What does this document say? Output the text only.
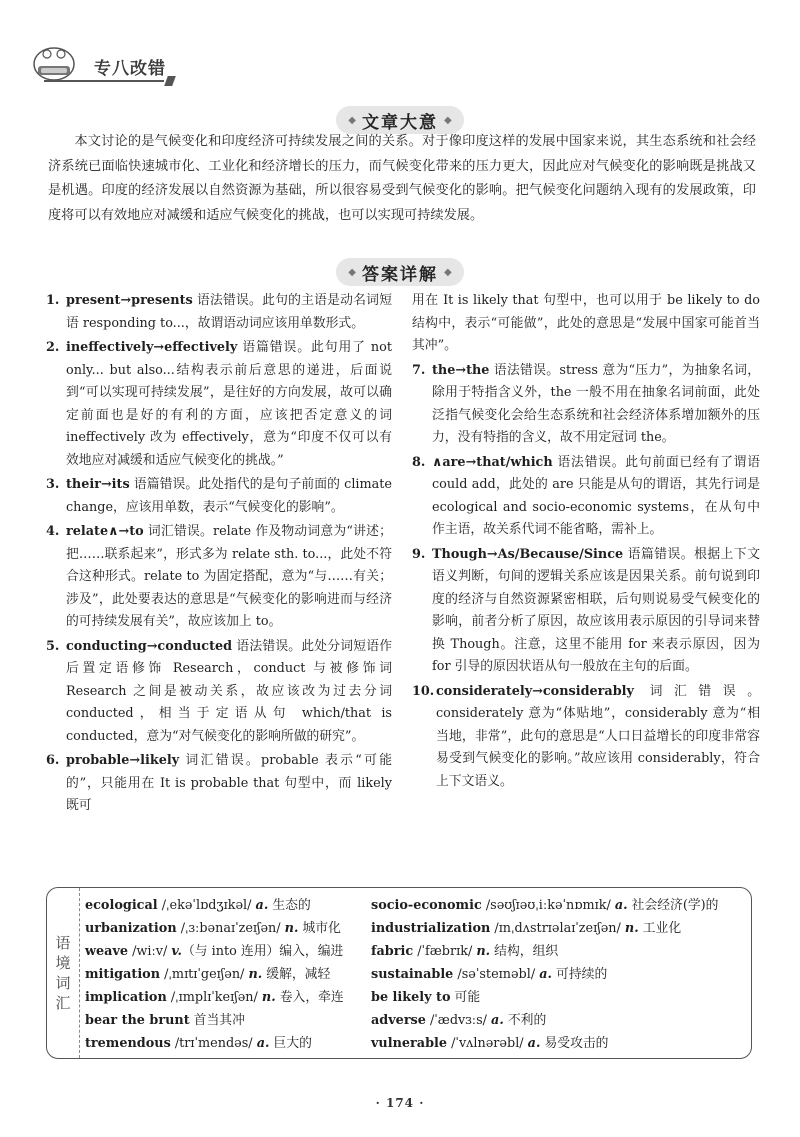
专八改错
◆ 文章大意 ◆

本文讨论的是气候变化和印度经济可持续发展之间的关系。对于像印度这样的发展中国家来说，其生态系统和社会经济系统已面临快速城市化、工业化和经济增长的压力，而气候变化带来的压力更大，因此应对气候变化的影响既是挑战又是机遇。印度的经济发展以自然资源为基础，所以很容易受到气候变化的影响。把气候变化问题纳入现有的发展政策，印度将可以有效地应对减缓和适应气候变化的挑战，也可以实现可持续发展。

◆ 答案详解 ◆
1. present→presents 语法错误。此句的主语是动名词短语 responding to...，故谓语动词应该用单数形式。
2. ineffectively→effectively 语篇错误。此句用了 not only... but also...结构表示前后意思的递进，后面说到“可以实现可持续发展”，是往好的方向发展，故可以确定前面也是好的有利的方面，应该把否定意义的词 ineffectively 改为 effectively，意为“印度不仅可以有效地应对减缓和适应气候变化的挑战。”
3. their→its 语篇错误。此处指代的是句子前面的 climate change，应该用单数，表示“气候变化的影响”。
4. relate∧→to 词汇错误。relate 作及物动词意为“讲述；把……联系起来”，形式多为 relate sth. to...，此处不符合这种形式。relate to 为固定搭配，意为“与……有关；涉及”，此处要表达的意思是“气候变化的影响进而与经济的可持续发展有关”，故应该加上 to。
5. conducting→conducted 语法错误。此处分词短语作后置定语修饰 Research，conduct 与被修饰词 Research 之间是被动关系，故应该改为过去分词 conducted，相当于定语从句 which/that is conducted，意为“对气候变化的影响所做的研究”。
6. probable→likely 词汇错误。probable 表示“可能的”，只能用在 It is probable that 句型中，而 likely 既可

用在 It is likely that 句型中，也可以用于 be likely to do 结构中，表示“可能做”，此处的意思是“发展中国家可能首当其冲”。

7. the→the 语法错误。stress 意为“压力”，为抽象名词，除用于特指含义外，the 一般不用在抽象名词前面，此处泛指气候变化会给生态系统和社会经济体系增加额外的压力，没有特指的含义，故不用定冠词 the。
8. ∧are→that/which 语法错误。此句前面已经有了谓语 could add，此处的 are 只能是从句的谓语，其先行词是 ecological and socio-economic systems，在从句中作主语，故关系代词不能省略，需补上。
9. Though→As/Because/Since 语篇错误。根据上下文语义判断，句间的逻辑关系应该是因果关系。前句说到印度的经济与自然资源紧密相联，后句则说易受气候变化的影响，前者分析了原因，故应该用表示原因的引导词来替换 Though。注意，这里不能用 for 来表示原因，因为 for 引导的原因状语从句一般放在主句的后面。
10. considerately→considerably 词汇错误。considerately 意为“体贴地”，considerably 意为“相当地，非常”，此句的意思是“人口日益增长的印度非常容易受到气候变化的影响。”故应该用 considerably，符合上下文语义。
语
境
词
汇
ecological /ˌekəˈlɒdʒɪkəl/ a. 生态的
urbanization /ˌɜːbənaɪˈzeɪʃən/ n. 城市化
weave /wiːv/ v.（与 into 连用）编入，编进
mitigation /ˌmɪtɪˈgeɪʃən/ n. 缓解，减轻
implication /ˌɪmplɪˈkeɪʃən/ n. 卷入，牵连
bear the brunt 首当其冲
tremendous /trɪˈmendəs/ a. 巨大的
socio-economic /səʊʃɪəʊˌiːkəˈnɒmɪk/ a. 社会经济(学)的
industrialization /ɪnˌdʌstrɪəlaɪˈzeɪʃən/ n. 工业化
fabric /ˈfæbrɪk/ n. 结构，组织
sustainable /səˈsteɪnəbl/ a. 可持续的
be likely to 可能
adverse /ˈædvɜːs/ a. 不利的
vulnerable /ˈvʌlnərəbl/ a. 易受攻击的
· 174 ·
